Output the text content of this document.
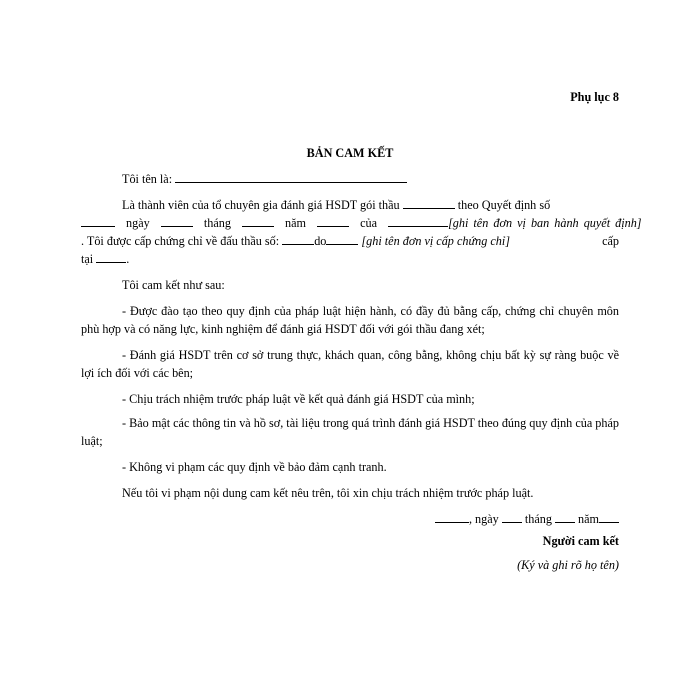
Phụ lục 8
BẢN CAM KẾT
Tôi tên là:
Là thành viên của tổ chuyên gia đánh giá HSDT gói thầu	theo Quyết định số
ngày	tháng	năm	của	[ghi tên đơn vị ban hành quyết định]
. Tôi được cấp chứng chỉ về đấu thầu số:	do	[ghi tên đơn vị cấp chứng chỉ]
tại .
cấp
Tôi cam kết như sau:
- Được đào tạo theo quy định của pháp luật hiện hành, có đầy đủ bằng cấp, chứng chỉ chuyên môn phù hợp và có năng lực, kinh nghiệm để đánh giá HSDT đối với gói thầu đang xét;
- Đánh giá HSDT trên cơ sở trung thực, khách quan, công bằng, không chịu bất kỳ sự ràng buộc về lợi ích đối với các bên;
- Chịu trách nhiệm trước pháp luật về kết quả đánh giá HSDT của mình;
- Bảo mật các thông tin và hồ sơ, tài liệu trong quá trình đánh giá HSDT theo đúng quy định của pháp luật;
- Không vi phạm các quy định về bảo đảm cạnh tranh.
Nếu tôi vi phạm nội dung cam kết nêu trên, tôi xin chịu trách nhiệm trước pháp luật.
, ngày tháng năm
Người cam kết
(Ký và ghi rõ họ tên)
